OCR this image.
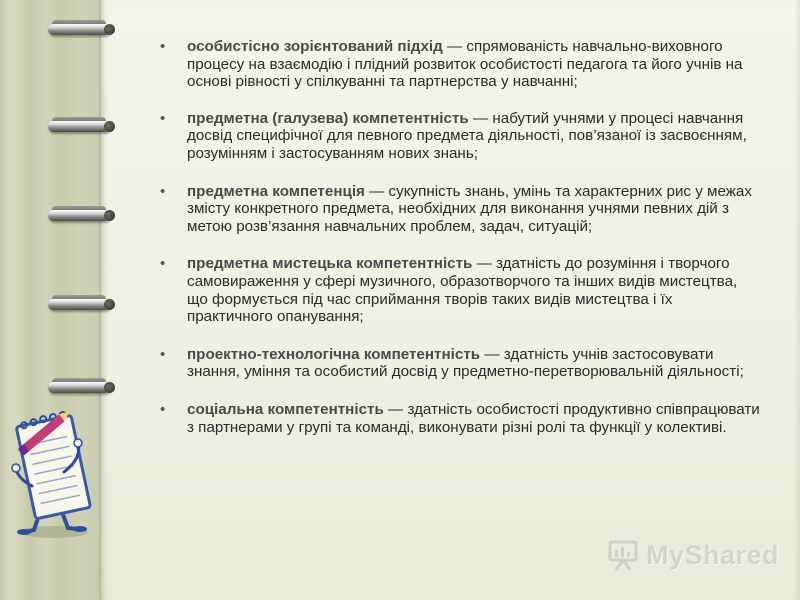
• особистісно зорієнтований підхід — спрямованість навчально-виховного процесу на взаємодію і плідний розвиток особистості педагога та його учнів на основі рівності у спілкуванні та партнерства у навчанні;
• предметна (галузева) компетентність — набутий учнями у процесі навчання досвід специфічної для певного предмета діяльності, пов’язаної із засвоєнням, розумінням і застосуванням нових знань;
• предметна компетенція — сукупність знань, умінь та характерних рис у межах змісту конкретного предмета, необхідних для виконання учнями певних дій з метою розв’язання навчальних проблем, задач, ситуацій;
• предметна мистецька компетентність — здатність до розуміння і творчого самовираження у сфері музичного, образотворчого та інших видів мистецтва, що формується під час сприймання творів таких видів мистецтва і їх практичного опанування;
• проектно-технологічна компетентність — здатність учнів застосовувати знання, уміння та особистий досвід у предметно-перетворювальній діяльності;
• соціальна компетентність — здатність особистості продуктивно співпрацювати з партнерами у групі та команді, виконувати різні ролі та функції у колективі.
MyShared
